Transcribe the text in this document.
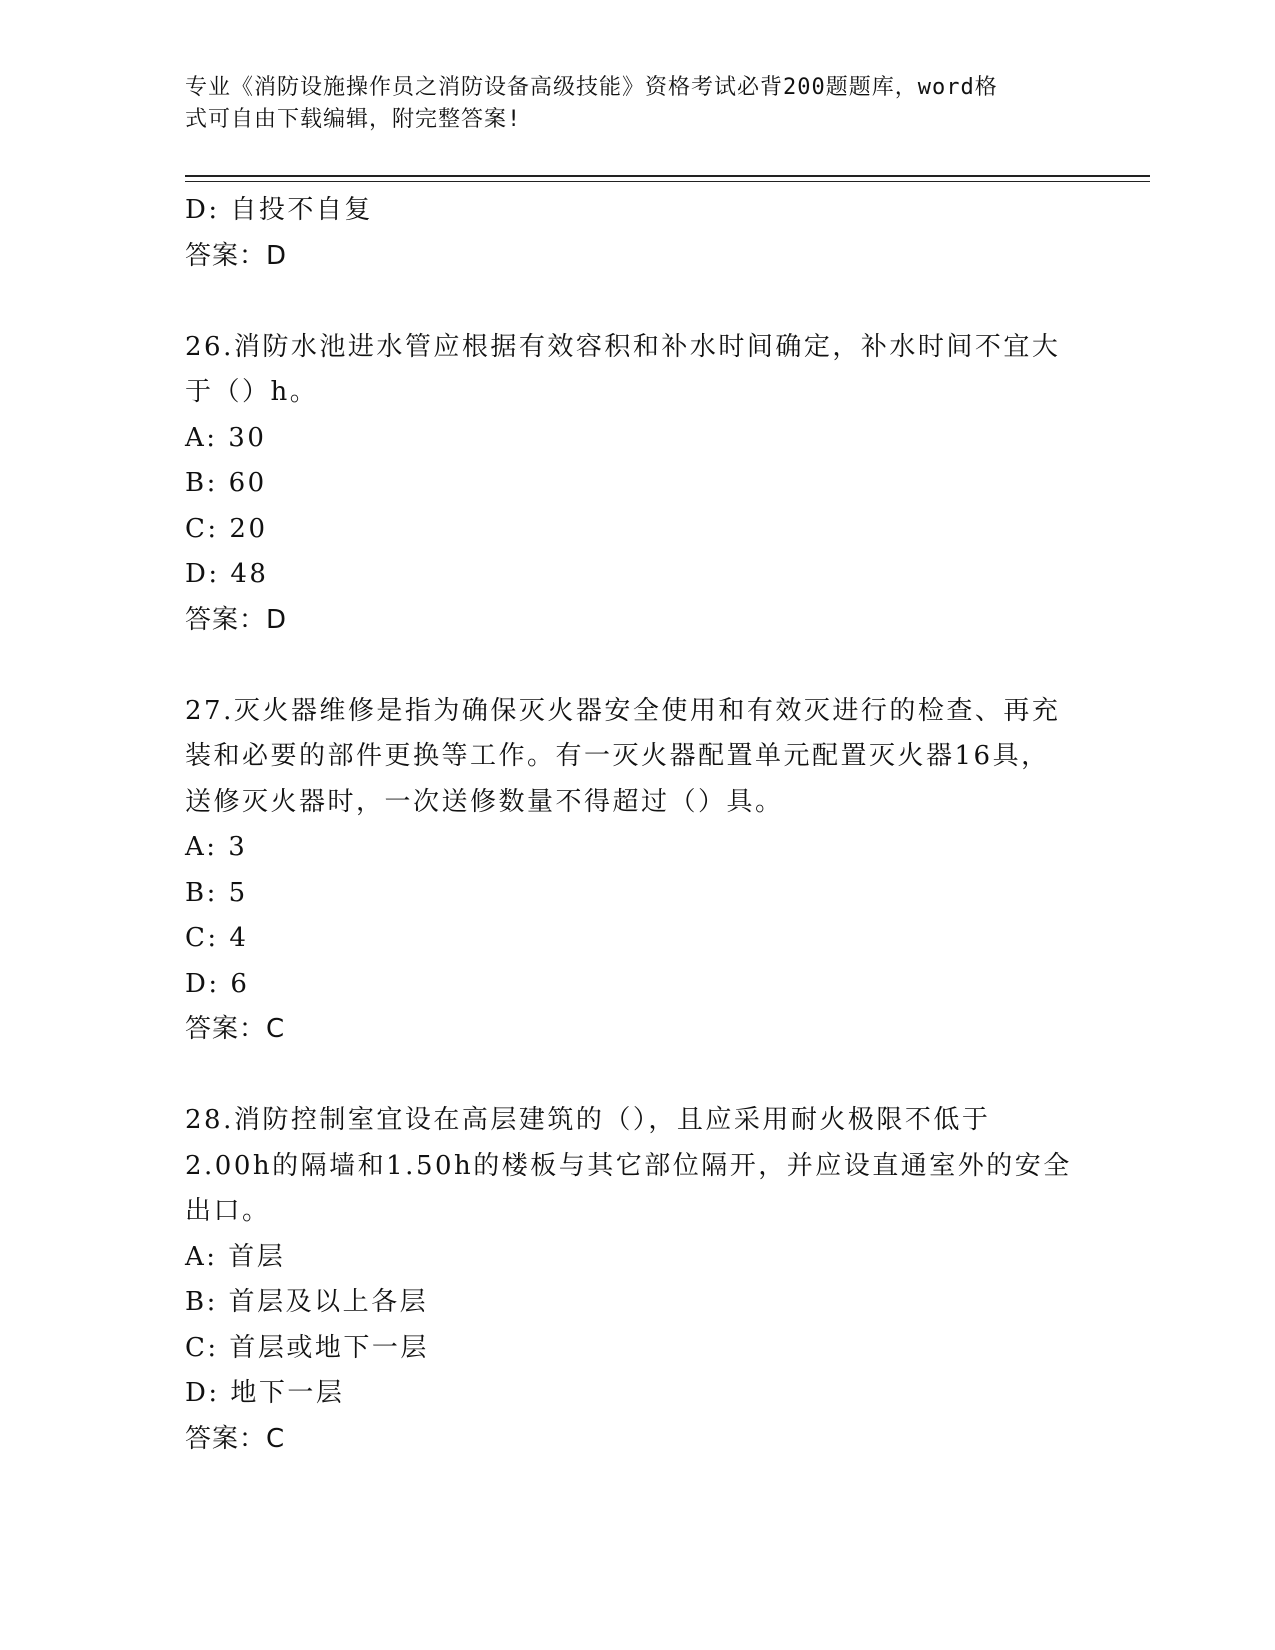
专业《消防设施操作员之消防设备高级技能》资格考试必背200题题库，word格
式可自由下载编辑，附完整答案!
D: 自投不自复
答案：D
26.消防水池进水管应根据有效容积和补水时间确定，补水时间不宜大
于（）h。
A: 30
B: 60
C: 20
D: 48
答案：D
27.灭火器维修是指为确保灭火器安全使用和有效灭进行的检查、再充
装和必要的部件更换等工作。有一灭火器配置单元配置灭火器16具，
送修灭火器时，一次送修数量不得超过（）具。
A: 3
B: 5
C: 4
D: 6
答案：C
28.消防控制室宜设在高层建筑的（），且应采用耐火极限不低于
2.00h的隔墙和1.50h的楼板与其它部位隔开，并应设直通室外的安全
出口。
A: 首层
B: 首层及以上各层
C: 首层或地下一层
D: 地下一层
答案：C
